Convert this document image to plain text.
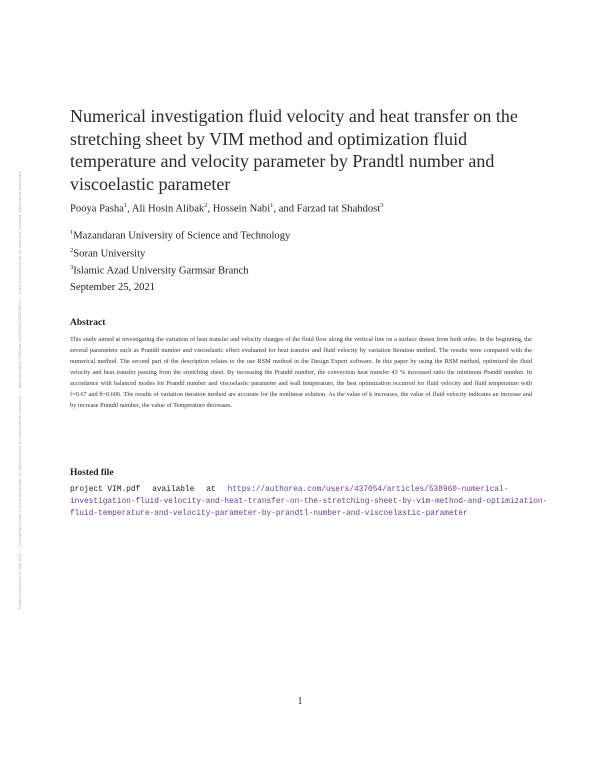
Posted on Authorea 25 Sep 2021 — The copyright holder is the author/funder. All rights reserved. No reuse without permission. — https://doi.org/10.22541/au.163257438.83380796/v1 — This a preprint and has not been peer reviewed. Data may be preliminary.
Numerical investigation fluid velocity and heat transfer on the stretching sheet by VIM method and optimization fluid temperature and velocity parameter by Prandtl number and viscoelastic parameter
Pooya Pasha$^1$, Ali Hosin Alibak$^2$, Hossein Nabi$^1$, and Farzad tat Shahdost$^3$
$^1$Mazandaran University of Science and Technology
$^2$Soran University
$^3$Islamic Azad University Garmsar Branch
September 25, 2021
Abstract

This study aimed at investigating the variation of heat transfer and velocity changes of the fluid flow along the vertical line on a surface drawn from both sides. In the beginning, the several parameters such as Prandtl number and viscoelastic effect evaluated for heat transfer and fluid velocity by variation Iteration method. The results were compared with the numerical method. The second part of the description relates to the use RSM method in the Design Expert software. In this paper by using the RSM method, optimized the fluid velocity and heat transfer passing from the stretching sheet. By increasing the Prandtl number, the convection heat transfer 43 % increased ratio the minimum Prandtl number. In accordance with balanced modes for Prandtl number and viscoelastic parameter and wall temperature, the best optimization occurred for fluid velocity and fluid temperature with f=0.67 and θ=0.606. The results of variation iteration method are accurate for the nonlinear solution. As the value of k increases, the value of fluid velocity indicates an increase and by increase Prandtl number, the value of Temperature decreases.

Hosted file

project VIM.pdf available at https://authorea.com/users/437054/articles/538960-numerical-investigation-fluid-velocity-and-heat-transfer-on-the-stretching-sheet-by-vim-method-and-optimization-fluid-temperature-and-velocity-parameter-by-prandtl-number-and-viscoelastic-parameter

1
